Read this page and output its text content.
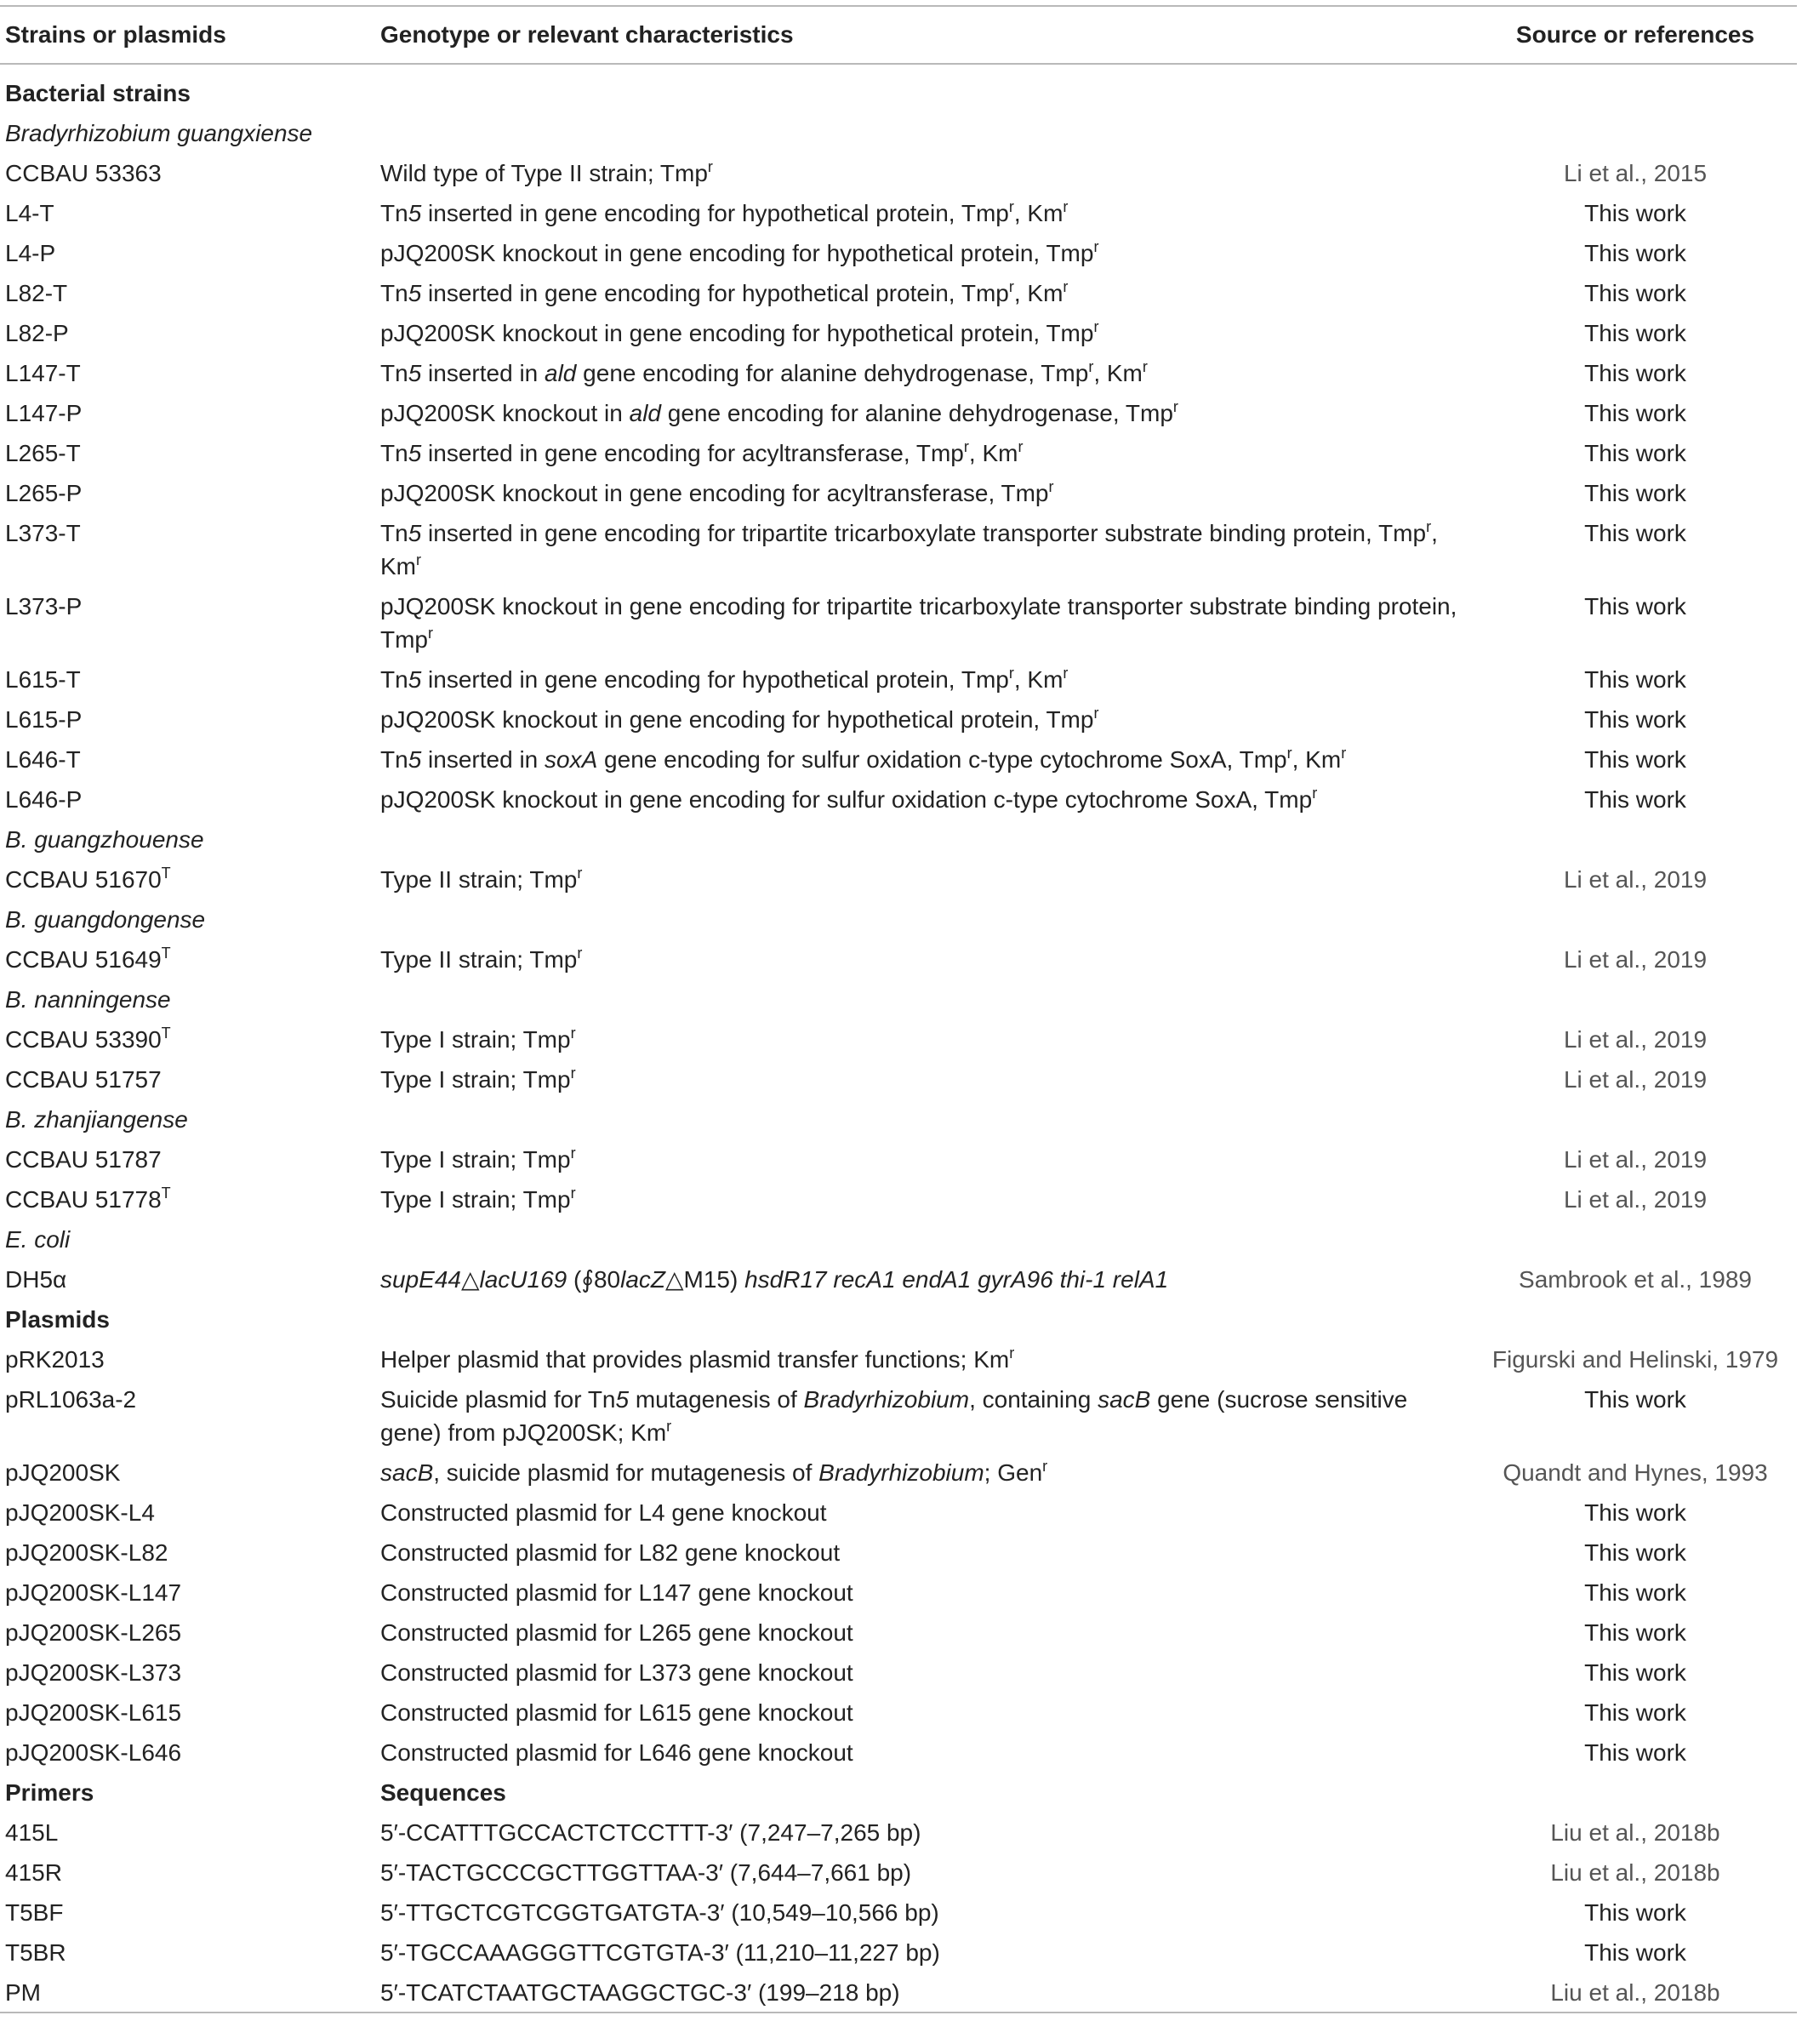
Strains or plasmids	Genotype or relevant characteristics	Source or references
Bacterial strains		
Bradyrhizobium guangxiense		
CCBAU 53363	Wild type of Type II strain; Tmp$^r$	Li et al., 2015
L4-T	Tn5 inserted in gene encoding for hypothetical protein, Tmp$^r$, Km$^r$	This work
L4-P	pJQ200SK knockout in gene encoding for hypothetical protein, Tmp$^r$	This work
L82-T	Tn5 inserted in gene encoding for hypothetical protein, Tmp$^r$, Km$^r$	This work
L82-P	pJQ200SK knockout in gene encoding for hypothetical protein, Tmp$^r$	This work
L147-T	Tn5 inserted in ald gene encoding for alanine dehydrogenase, Tmp$^r$, Km$^r$	This work
L147-P	pJQ200SK knockout in ald gene encoding for alanine dehydrogenase, Tmp$^r$	This work
L265-T	Tn5 inserted in gene encoding for acyltransferase, Tmp$^r$, Km$^r$	This work
L265-P	pJQ200SK knockout in gene encoding for acyltransferase, Tmp$^r$	This work
L373-T	Tn5 inserted in gene encoding for tripartite tricarboxylate transporter substrate binding protein, Tmp$^r$, Km$^r$	This work
L373-P	pJQ200SK knockout in gene encoding for tripartite tricarboxylate transporter substrate binding protein, Tmp$^r$	This work
L615-T	Tn5 inserted in gene encoding for hypothetical protein, Tmp$^r$, Km$^r$	This work
L615-P	pJQ200SK knockout in gene encoding for hypothetical protein, Tmp$^r$	This work
L646-T	Tn5 inserted in soxA gene encoding for sulfur oxidation c-type cytochrome SoxA, Tmp$^r$, Km$^r$	This work
L646-P	pJQ200SK knockout in gene encoding for sulfur oxidation c-type cytochrome SoxA, Tmp$^r$	This work
B. guangzhouense		
CCBAU $51670^T$	Type II strain; Tmp$^r$	Li et al., 2019
B. guangdongense		
CCBAU $51649^T$	Type II strain; Tmp$^r$	Li et al., 2019
B. nanningense		
CCBAU $53390^T$	Type I strain; Tmp$^r$	Li et al., 2019
CCBAU 51757	Type I strain; Tmp$^r$	Li et al., 2019
B. zhanjiangense		
CCBAU 51787	Type I strain; Tmp$^r$	Li et al., 2019
CCBAU $51778^T$	Type I strain; Tmp$^r$	Li et al., 2019
E. coli		
DH5α	supE44△lacU169 (∮80lacZ△M15) hsdR17 recA1 endA1 gyrA96 thi-1 relA1	Sambrook et al., 1989
Plasmids		
pRK2013	Helper plasmid that provides plasmid transfer functions; Km$^r$	Figurski and Helinski, 1979
pRL1063a-2	Suicide plasmid for Tn5 mutagenesis of Bradyrhizobium, containing sacB gene (sucrose sensitive gene) from pJQ200SK; Km$^r$	This work
pJQ200SK	sacB, suicide plasmid for mutagenesis of Bradyrhizobium; Gen$^r$	Quandt and Hynes, 1993
pJQ200SK-L4	Constructed plasmid for L4 gene knockout	This work
pJQ200SK-L82	Constructed plasmid for L82 gene knockout	This work
pJQ200SK-L147	Constructed plasmid for L147 gene knockout	This work
pJQ200SK-L265	Constructed plasmid for L265 gene knockout	This work
pJQ200SK-L373	Constructed plasmid for L373 gene knockout	This work
pJQ200SK-L615	Constructed plasmid for L615 gene knockout	This work
pJQ200SK-L646	Constructed plasmid for L646 gene knockout	This work
Primers	Sequences	
415L	5′-CCATTTGCCACTCTCCTTT-3′ (7,247–7,265 bp)	Liu et al., 2018b
415R	5′-TACTGCCCGCTTGGTTAA-3′ (7,644–7,661 bp)	Liu et al., 2018b
T5BF	5′-TTGCTCGTCGGTGATGTA-3′ (10,549–10,566 bp)	This work
T5BR	5′-TGCCAAAGGGTTCGTGTA-3′ (11,210–11,227 bp)	This work
PM	5′-TCATCTAATGCTAAGGCTGC-3′ (199–218 bp)	Liu et al., 2018b
